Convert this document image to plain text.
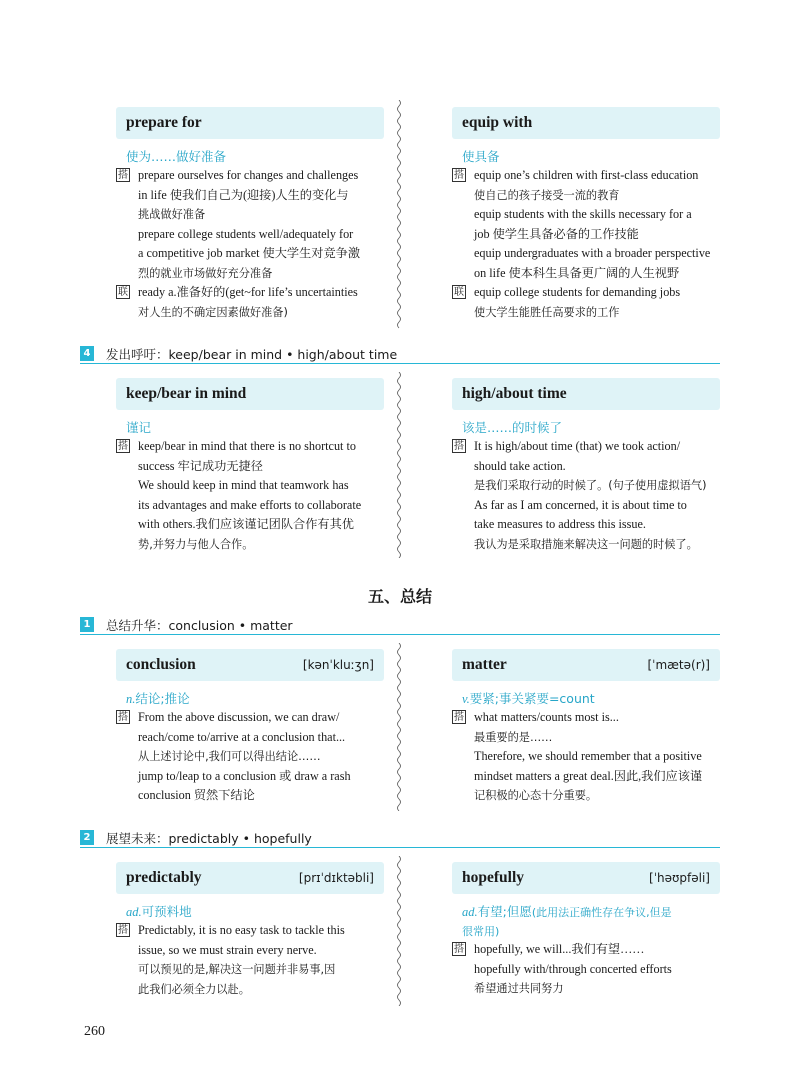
prepare for
使为……做好准备
搭 prepare ourselves for changes and challenges
in life 使我们自己为(迎接)人生的变化与
挑战做好准备
prepare college students well/adequately for
a competitive job market 使大学生对竞争激
烈的就业市场做好充分准备
联 ready a.准备好的(get~for life’s uncertainties
对人生的不确定因素做好准备)
equip with
使具备
搭 equip one’s children with first-class education
使自己的孩子接受一流的教育
equip students with the skills necessary for a
job 使学生具备必备的工作技能
equip undergraduates with a broader perspective
on life 使本科生具备更广阔的人生视野
联 equip college students for demanding jobs
使大学生能胜任高要求的工作
4 发出呼吁：keep/bear in mind • high/about time
keep/bear in mind
谨记
搭 keep/bear in mind that there is no shortcut to
success 牢记成功无捷径
We should keep in mind that teamwork has
its advantages and make efforts to collaborate
with others.我们应该谨记团队合作有其优
势,并努力与他人合作。
high/about time
该是……的时候了
搭 It is high/about time (that) we took action/
should take action.
是我们采取行动的时候了。(句子使用虚拟语气)
As far as I am concerned, it is about time to
take measures to address this issue.
我认为是采取措施来解决这一问题的时候了。
五、总结
1 总结升华：conclusion • matter
conclusion	[kənˈkluːʒn]
n.结论;推论
搭 From the above discussion, we can draw/
reach/come to/arrive at a conclusion that...
从上述讨论中,我们可以得出结论……
jump to/leap to a conclusion 或 draw a rash
conclusion 贸然下结论
matter	[ˈmætə(r)]
v.要紧;事关紧要=count
搭 what matters/counts most is...
最重要的是……
Therefore, we should remember that a positive
mindset matters a great deal.因此,我们应该谨
记积极的心态十分重要。
2 展望未来：predictably • hopefully
predictably	[prɪˈdɪktəbli]
ad.可预料地
搭 Predictably, it is no easy task to tackle this
issue, so we must strain every nerve.
可以预见的是,解决这一问题并非易事,因
此我们必须全力以赴。
hopefully	[ˈhəʊpfəli]
ad.有望;但愿(此用法正确性存在争议,但是
很常用)
搭 hopefully, we will...我们有望……
hopefully with/through concerted efforts
希望通过共同努力
260
